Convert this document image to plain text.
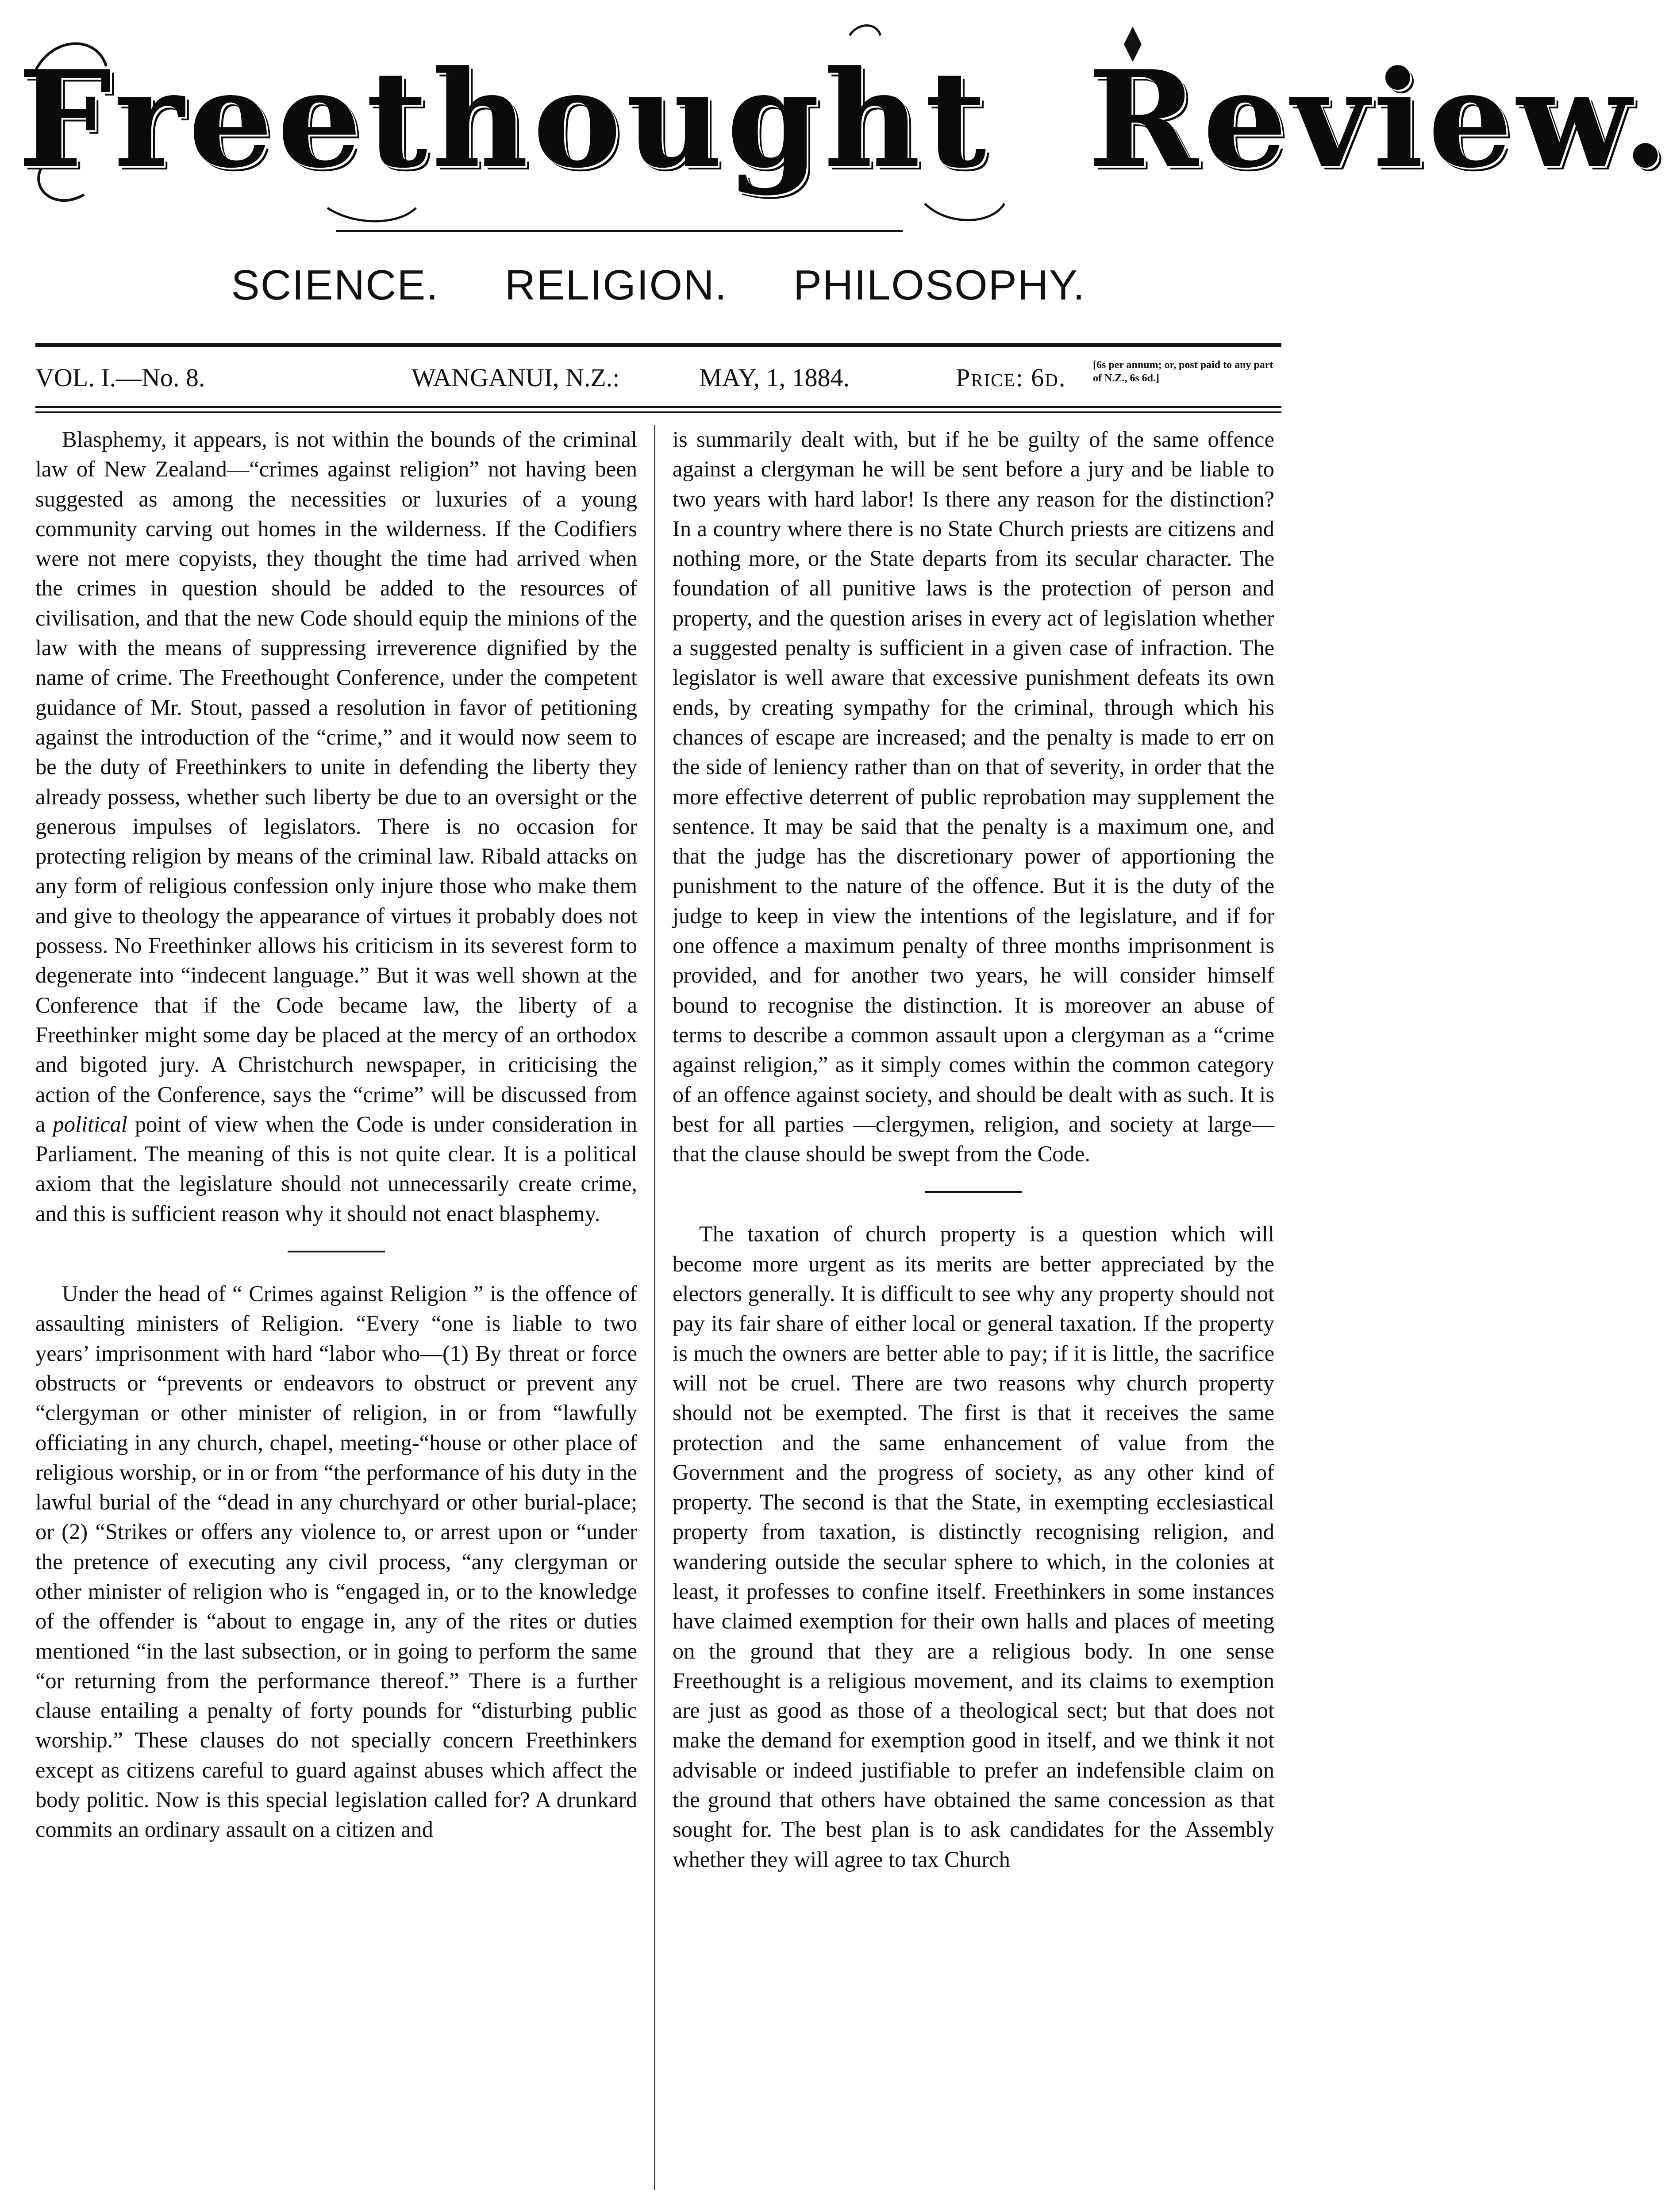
Freethought Review.
SCIENCE. RELIGION. PHILOSOPHY.
VOL. I.—No. 8.	WANGANUI, N.Z.:	MAY, 1, 1884.	Price: 6d.	[6s per annum; or, post paid to any part of N.Z., 6s 6d.]

Blasphemy, it appears, is not within the bounds of the criminal law of New Zealand—“crimes against religion” not having been suggested as among the necessities or luxuries of a young community carving out homes in the wilderness. If the Codifiers were not mere copyists, they thought the time had arrived when the crimes in question should be added to the resources of civilisation, and that the new Code should equip the minions of the law with the means of suppressing irreverence dignified by the name of crime. The Freethought Conference, under the competent guidance of Mr. Stout, passed a resolution in favor of petitioning against the introduction of the “crime,” and it would now seem to be the duty of Freethinkers to unite in defending the liberty they already possess, whether such liberty be due to an oversight or the generous impulses of legislators. There is no occasion for protecting religion by means of the criminal law. Ribald attacks on any form of religious confession only injure those who make them and give to theology the appearance of virtues it probably does not possess. No Freethinker allows his criticism in its severest form to degenerate into “indecent language.” But it was well shown at the Conference that if the Code became law, the liberty of a Freethinker might some day be placed at the mercy of an orthodox and bigoted jury. A Christchurch newspaper, in criticising the action of the Conference, says the “crime” will be discussed from a political point of view when the Code is under consideration in Parliament. The meaning of this is not quite clear. It is a political axiom that the legislature should not unnecessarily create crime, and this is sufficient reason why it should not enact blasphemy.

Under the head of “ Crimes against Religion ” is the offence of assaulting ministers of Religion. “Every “one is liable to two years’ imprisonment with hard “labor who—(1) By threat or force obstructs or “prevents or endeavors to obstruct or prevent any “clergyman or other minister of religion, in or from “lawfully officiating in any church, chapel, meeting-“house or other place of religious worship, or in or from “the performance of his duty in the lawful burial of the “dead in any churchyard or other burial-place; or (2) “Strikes or offers any violence to, or arrest upon or “under the pretence of executing any civil process, “any clergyman or other minister of religion who is “engaged in, or to the knowledge of the offender is “about to engage in, any of the rites or duties mentioned “in the last subsection, or in going to perform the same “or returning from the performance thereof.” There is a further clause entailing a penalty of forty pounds for “disturbing public worship.” These clauses do not specially concern Freethinkers except as citizens careful to guard against abuses which affect the body politic. Now is this special legislation called for? A drunkard commits an ordinary assault on a citizen and

is summarily dealt with, but if he be guilty of the same offence against a clergyman he will be sent before a jury and be liable to two years with hard labor! Is there any reason for the distinction? In a country where there is no State Church priests are citizens and nothing more, or the State departs from its secular character. The foundation of all punitive laws is the protection of person and property, and the question arises in every act of legislation whether a suggested penalty is sufficient in a given case of infraction. The legislator is well aware that excessive punishment defeats its own ends, by creating sympathy for the criminal, through which his chances of escape are increased; and the penalty is made to err on the side of leniency rather than on that of severity, in order that the more effective deterrent of public reprobation may supplement the sentence. It may be said that the penalty is a maximum one, and that the judge has the discretionary power of apportioning the punishment to the nature of the offence. But it is the duty of the judge to keep in view the intentions of the legislature, and if for one offence a maximum penalty of three months imprisonment is provided, and for another two years, he will consider himself bound to recognise the distinction. It is moreover an abuse of terms to describe a common assault upon a clergyman as a “crime against religion,” as it simply comes within the common category of an offence against society, and should be dealt with as such. It is best for all parties —clergymen, religion, and society at large—that the clause should be swept from the Code.

The taxation of church property is a question which will become more urgent as its merits are better appreciated by the electors generally. It is difficult to see why any property should not pay its fair share of either local or general taxation. If the property is much the owners are better able to pay; if it is little, the sacrifice will not be cruel. There are two reasons why church property should not be exempted. The first is that it receives the same protection and the same enhancement of value from the Government and the progress of society, as any other kind of property. The second is that the State, in exempting ecclesiastical property from taxation, is distinctly recognising religion, and wandering outside the secular sphere to which, in the colonies at least, it professes to confine itself. Freethinkers in some instances have claimed exemption for their own halls and places of meeting on the ground that they are a religious body. In one sense Freethought is a religious movement, and its claims to exemption are just as good as those of a theological sect; but that does not make the demand for exemption good in itself, and we think it not advisable or indeed justifiable to prefer an indefensible claim on the ground that others have obtained the same concession as that sought for. The best plan is to ask candidates for the Assembly whether they will agree to tax Church
